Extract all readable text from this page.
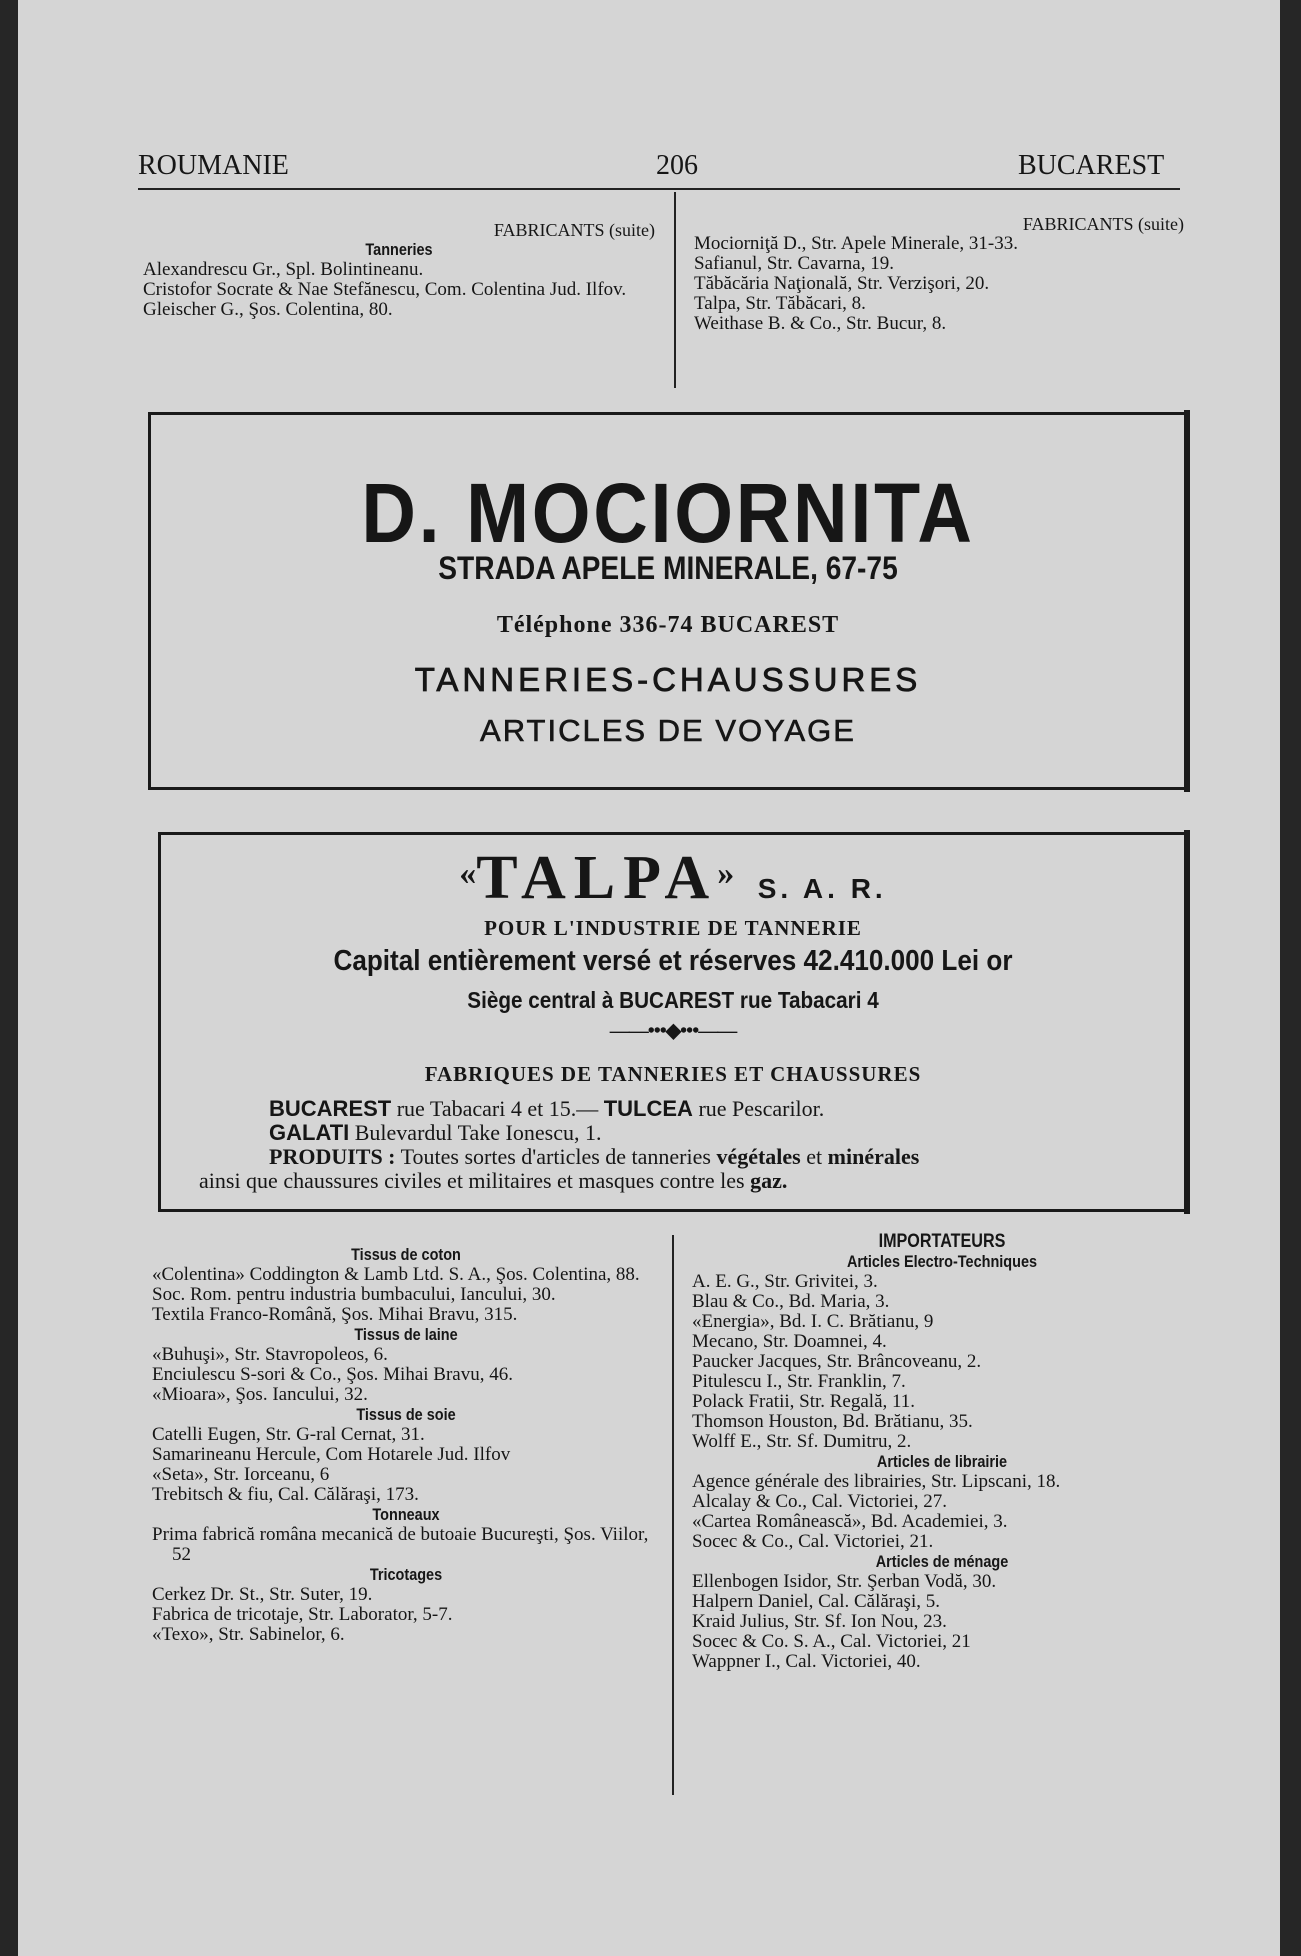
ROUMANIE	206	BUCAREST

FABRICANTS (suite)

Tanneries

Alexandrescu Gr., Spl. Bolintineanu.

Cristofor Socrate & Nae Stefănescu, Com. Colentina Jud. Ilfov.

Gleischer G., Şos. Colentina, 80.

FABRICANTS (suite)

Mociorniţă D., Str. Apele Minerale, 31-33.

Safianul, Str. Cavarna, 19.

Tăbăcăria Naţională, Str. Verzişori, 20.

Talpa, Str. Tăbăcari, 8.

Weithase B. & Co., Str. Bucur, 8.

D. MOCIORNITA
STRADA APELE MINERALE, 67-75
Téléphone 336-74 BUCAREST
TANNERIES-CHAUSSURES
ARTICLES DE VOYAGE
«TALPA» S. A. R.
POUR L'INDUSTRIE DE TANNERIE
Capital entièrement versé et réserves 42.410.000 Lei or
Siège central à BUCAREST rue Tabacari 4
——•••◆•••——
FABRIQUES DE TANNERIES ET CHAUSSURES

BUCAREST rue Tabacari 4 et 15.— TULCEA rue Pescarilor.

GALATI Bulevardul Take Ionescu, 1.

PRODUITS : Toutes sortes d'articles de tanneries végétales et minérales

ainsi que chaussures civiles et militaires et masques contre les gaz.

Tissus de coton

«Colentina» Coddington & Lamb Ltd. S. A., Şos. Colentina, 88.

Soc. Rom. pentru industria bumbacului, Iancului, 30.

Textila Franco-Română, Şos. Mihai Bravu, 315.

Tissus de laine

«Buhuşi», Str. Stavropoleos, 6.

Enciulescu S-sori & Co., Şos. Mihai Bravu, 46.

«Mioara», Şos. Iancului, 32.

Tissus de soie

Catelli Eugen, Str. G-ral Cernat, 31.

Samarineanu Hercule, Com Hotarele Jud. Ilfov

«Seta», Str. Iorceanu, 6

Trebitsch & fiu, Cal. Călăraşi, 173.

Tonneaux

Prima fabrică româna mecanică de butoaie Bucureşti, Şos. Viilor, 52

Tricotages

Cerkez Dr. St., Str. Suter, 19.

Fabrica de tricotaje, Str. Laborator, 5-7.

«Texo», Str. Sabinelor, 6.

IMPORTATEURS

Articles Electro-Techniques

A. E. G., Str. Grivitei, 3.

Blau & Co., Bd. Maria, 3.

«Energia», Bd. I. C. Brătianu, 9

Mecano, Str. Doamnei, 4.

Paucker Jacques, Str. Brâncoveanu, 2.

Pitulescu I., Str. Franklin, 7.

Polack Fratii, Str. Regală, 11.

Thomson Houston, Bd. Brătianu, 35.

Wolff E., Str. Sf. Dumitru, 2.

Articles de librairie

Agence générale des librairies, Str. Lipscani, 18.

Alcalay & Co., Cal. Victoriei, 27.

«Cartea Românească», Bd. Academiei, 3.

Socec & Co., Cal. Victoriei, 21.

Articles de ménage

Ellenbogen Isidor, Str. Şerban Vodă, 30.

Halpern Daniel, Cal. Călăraşi, 5.

Kraid Julius, Str. Sf. Ion Nou, 23.

Socec & Co. S. A., Cal. Victoriei, 21

Wappner I., Cal. Victoriei, 40.
